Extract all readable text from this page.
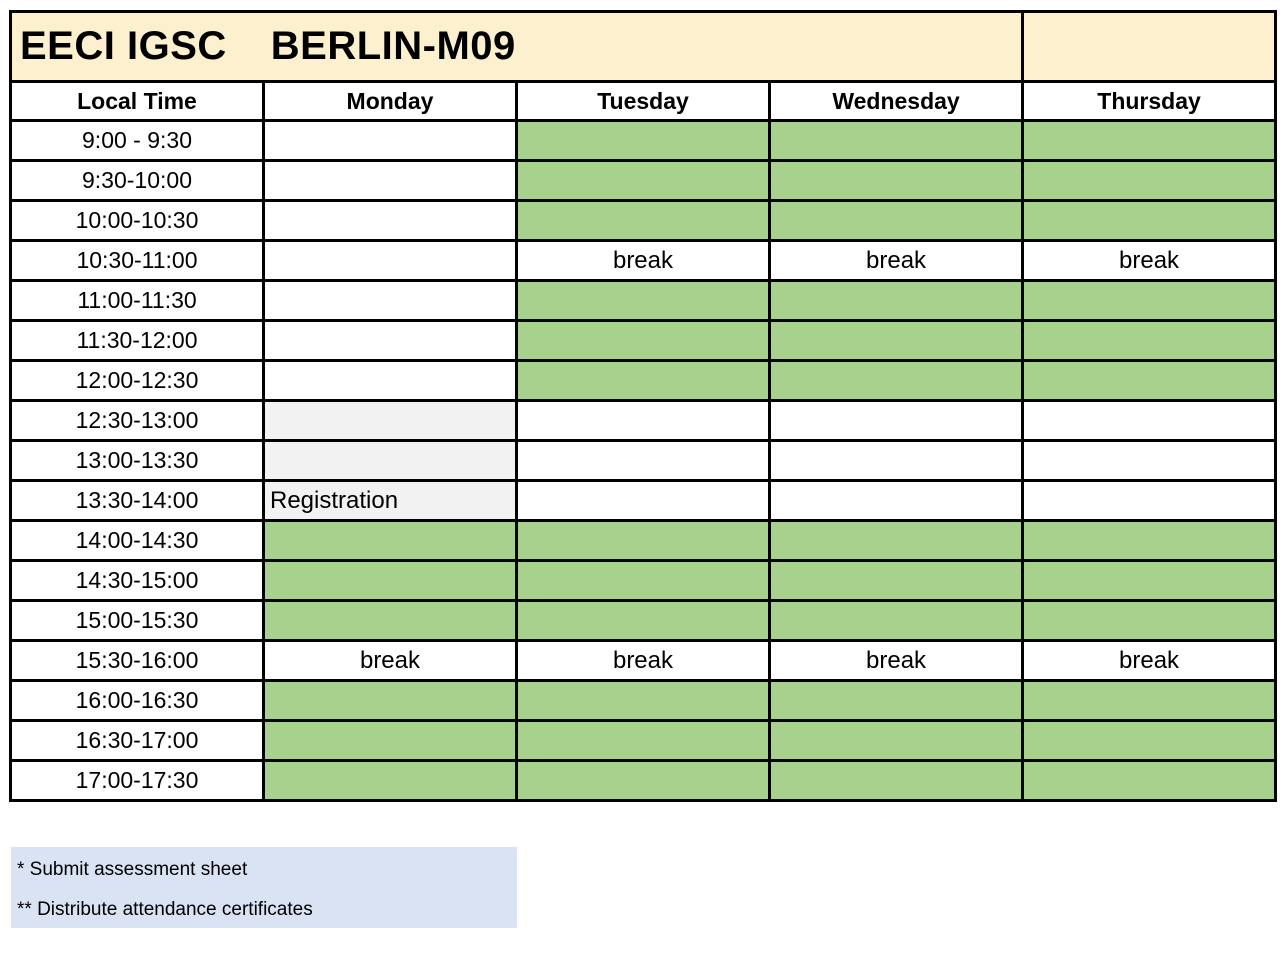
EECI IGSC BERLIN-M09				
Local Time	Monday	Tuesday	Wednesday	Thursday
9:00 - 9:30				
9:30-10:00				
10:00-10:30				
10:30-11:00		break	break	break
11:00-11:30				
11:30-12:00				
12:00-12:30				
12:30-13:00				
13:00-13:30				
13:30-14:00	Registration			
14:00-14:30				
14:30-15:00				
15:00-15:30				
15:30-16:00	break	break	break	break
16:00-16:30				
16:30-17:00				
17:00-17:30				
* Submit assessment sheet
** Distribute attendance certificates
